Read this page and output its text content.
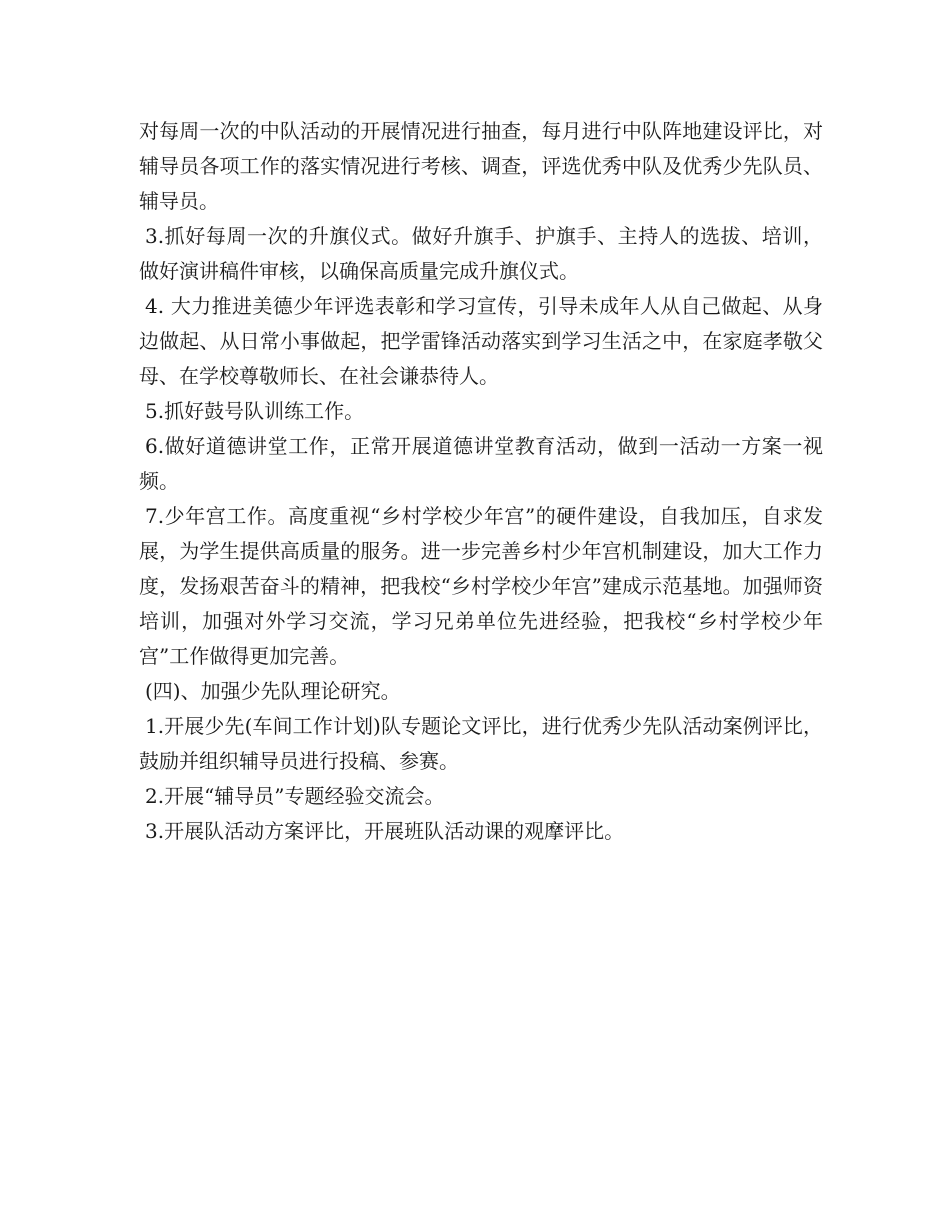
对每周一次的中队活动的开展情况进行抽查，每月进行中队阵地建设评比，对辅导员各项工作的落实情况进行考核、调查，评选优秀中队及优秀少先队员、辅导员。

3.抓好每周一次的升旗仪式。做好升旗手、护旗手、主持人的选拔、培训，做好演讲稿件审核，以确保高质量完成升旗仪式。

4. 大力推进美德少年评选表彰和学习宣传，引导未成年人从自己做起、从身边做起、从日常小事做起，把学雷锋活动落实到学习生活之中，在家庭孝敬父母、在学校尊敬师长、在社会谦恭待人。

5.抓好鼓号队训练工作。

6.做好道德讲堂工作，正常开展道德讲堂教育活动，做到一活动一方案一视频。

7.少年宫工作。高度重视“乡村学校少年宫”的硬件建设，自我加压，自求发展，为学生提供高质量的服务。进一步完善乡村少年宫机制建设，加大工作力度，发扬艰苦奋斗的精神，把我校“乡村学校少年宫”建成示范基地。加强师资培训，加强对外学习交流，学习兄弟单位先进经验，把我校“乡村学校少年宫”工作做得更加完善。

(四)、加强少先队理论研究。

1.开展少先(车间工作计划)队专题论文评比，进行优秀少先队活动案例评比，鼓励并组织辅导员进行投稿、参赛。

2.开展“辅导员”专题经验交流会。

3.开展队活动方案评比，开展班队活动课的观摩评比。
